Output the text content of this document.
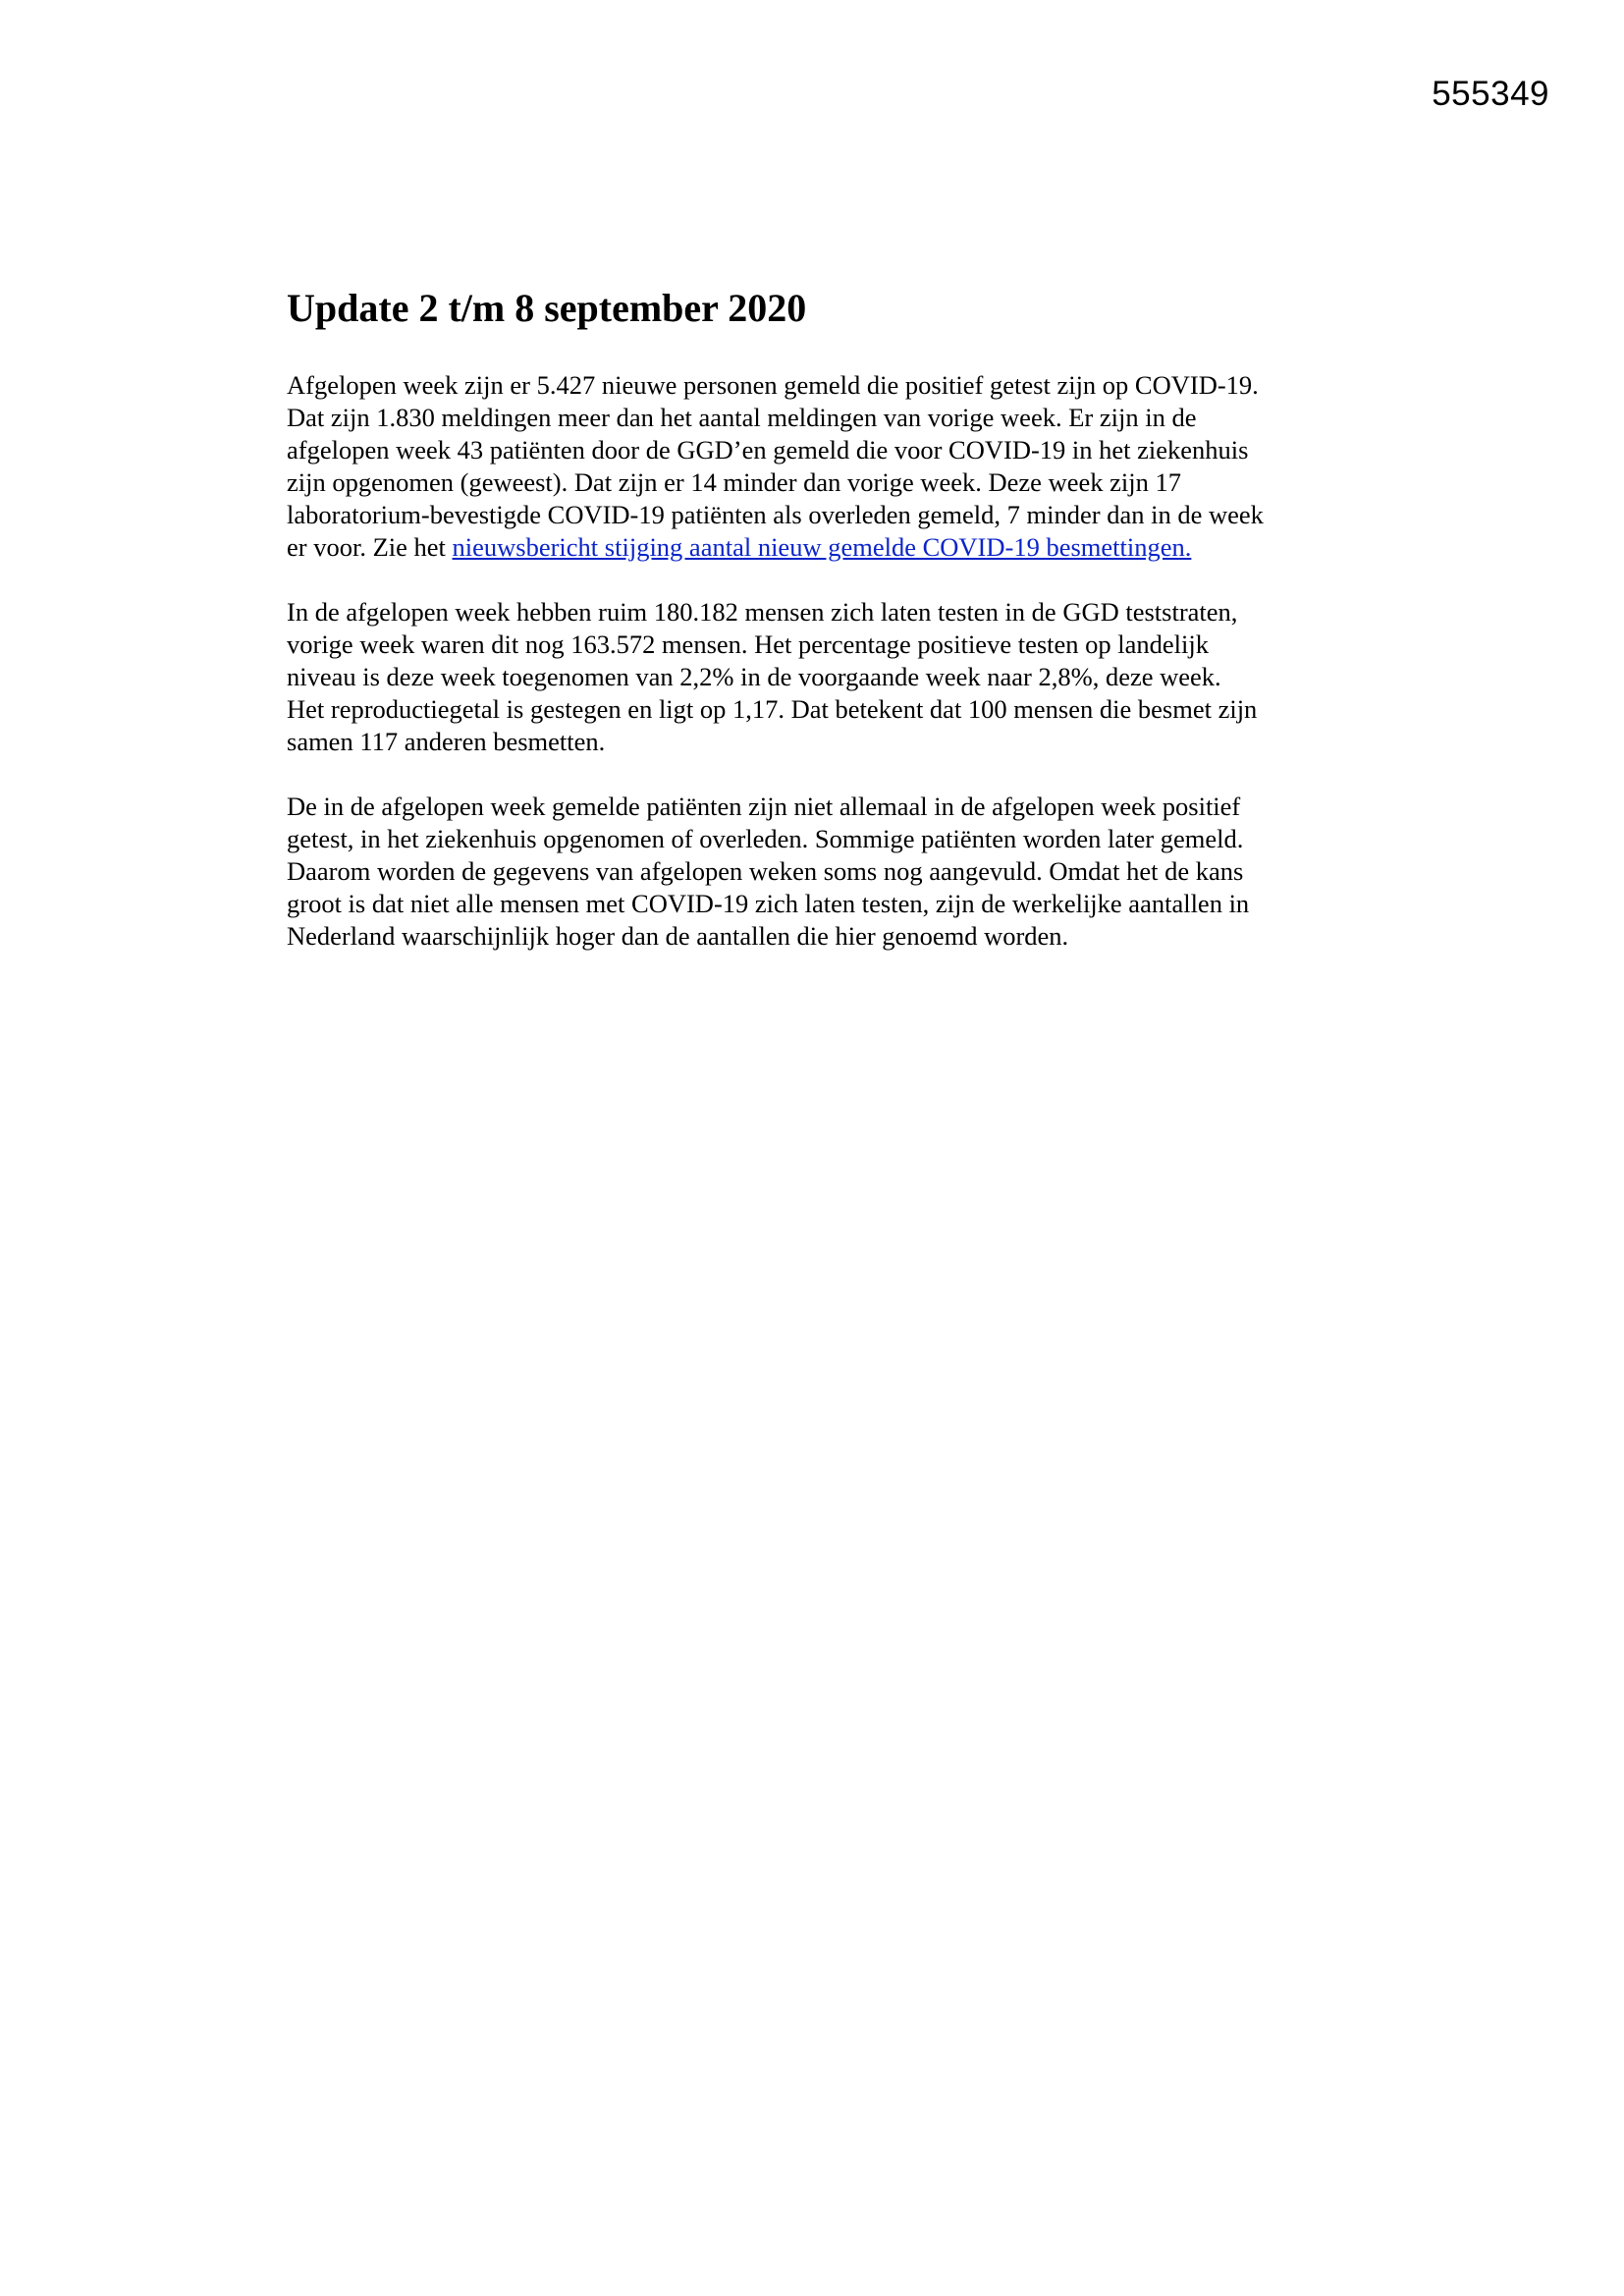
555349
Update 2 t/m 8 september 2020

Afgelopen week zijn er 5.427 nieuwe personen gemeld die positief getest zijn op COVID-19.
Dat zijn 1.830 meldingen meer dan het aantal meldingen van vorige week. Er zijn in de
afgelopen week 43 patiënten door de GGD’en gemeld die voor COVID-19 in het ziekenhuis
zijn opgenomen (geweest). Dat zijn er 14 minder dan vorige week. Deze week zijn 17
laboratorium-bevestigde COVID-19 patiënten als overleden gemeld, 7 minder dan in de week
er voor. Zie het nieuwsbericht stijging aantal nieuw gemelde COVID-19 besmettingen.

In de afgelopen week hebben ruim 180.182 mensen zich laten testen in de GGD teststraten,
vorige week waren dit nog 163.572 mensen. Het percentage positieve testen op landelijk
niveau is deze week toegenomen van 2,2% in de voorgaande week naar 2,8%, deze week.
Het reproductiegetal is gestegen en ligt op 1,17. Dat betekent dat 100 mensen die besmet zijn
samen 117 anderen besmetten.

De in de afgelopen week gemelde patiënten zijn niet allemaal in de afgelopen week positief
getest, in het ziekenhuis opgenomen of overleden. Sommige patiënten worden later gemeld.
Daarom worden de gegevens van afgelopen weken soms nog aangevuld. Omdat het de kans
groot is dat niet alle mensen met COVID-19 zich laten testen, zijn de werkelijke aantallen in
Nederland waarschijnlijk hoger dan de aantallen die hier genoemd worden.
